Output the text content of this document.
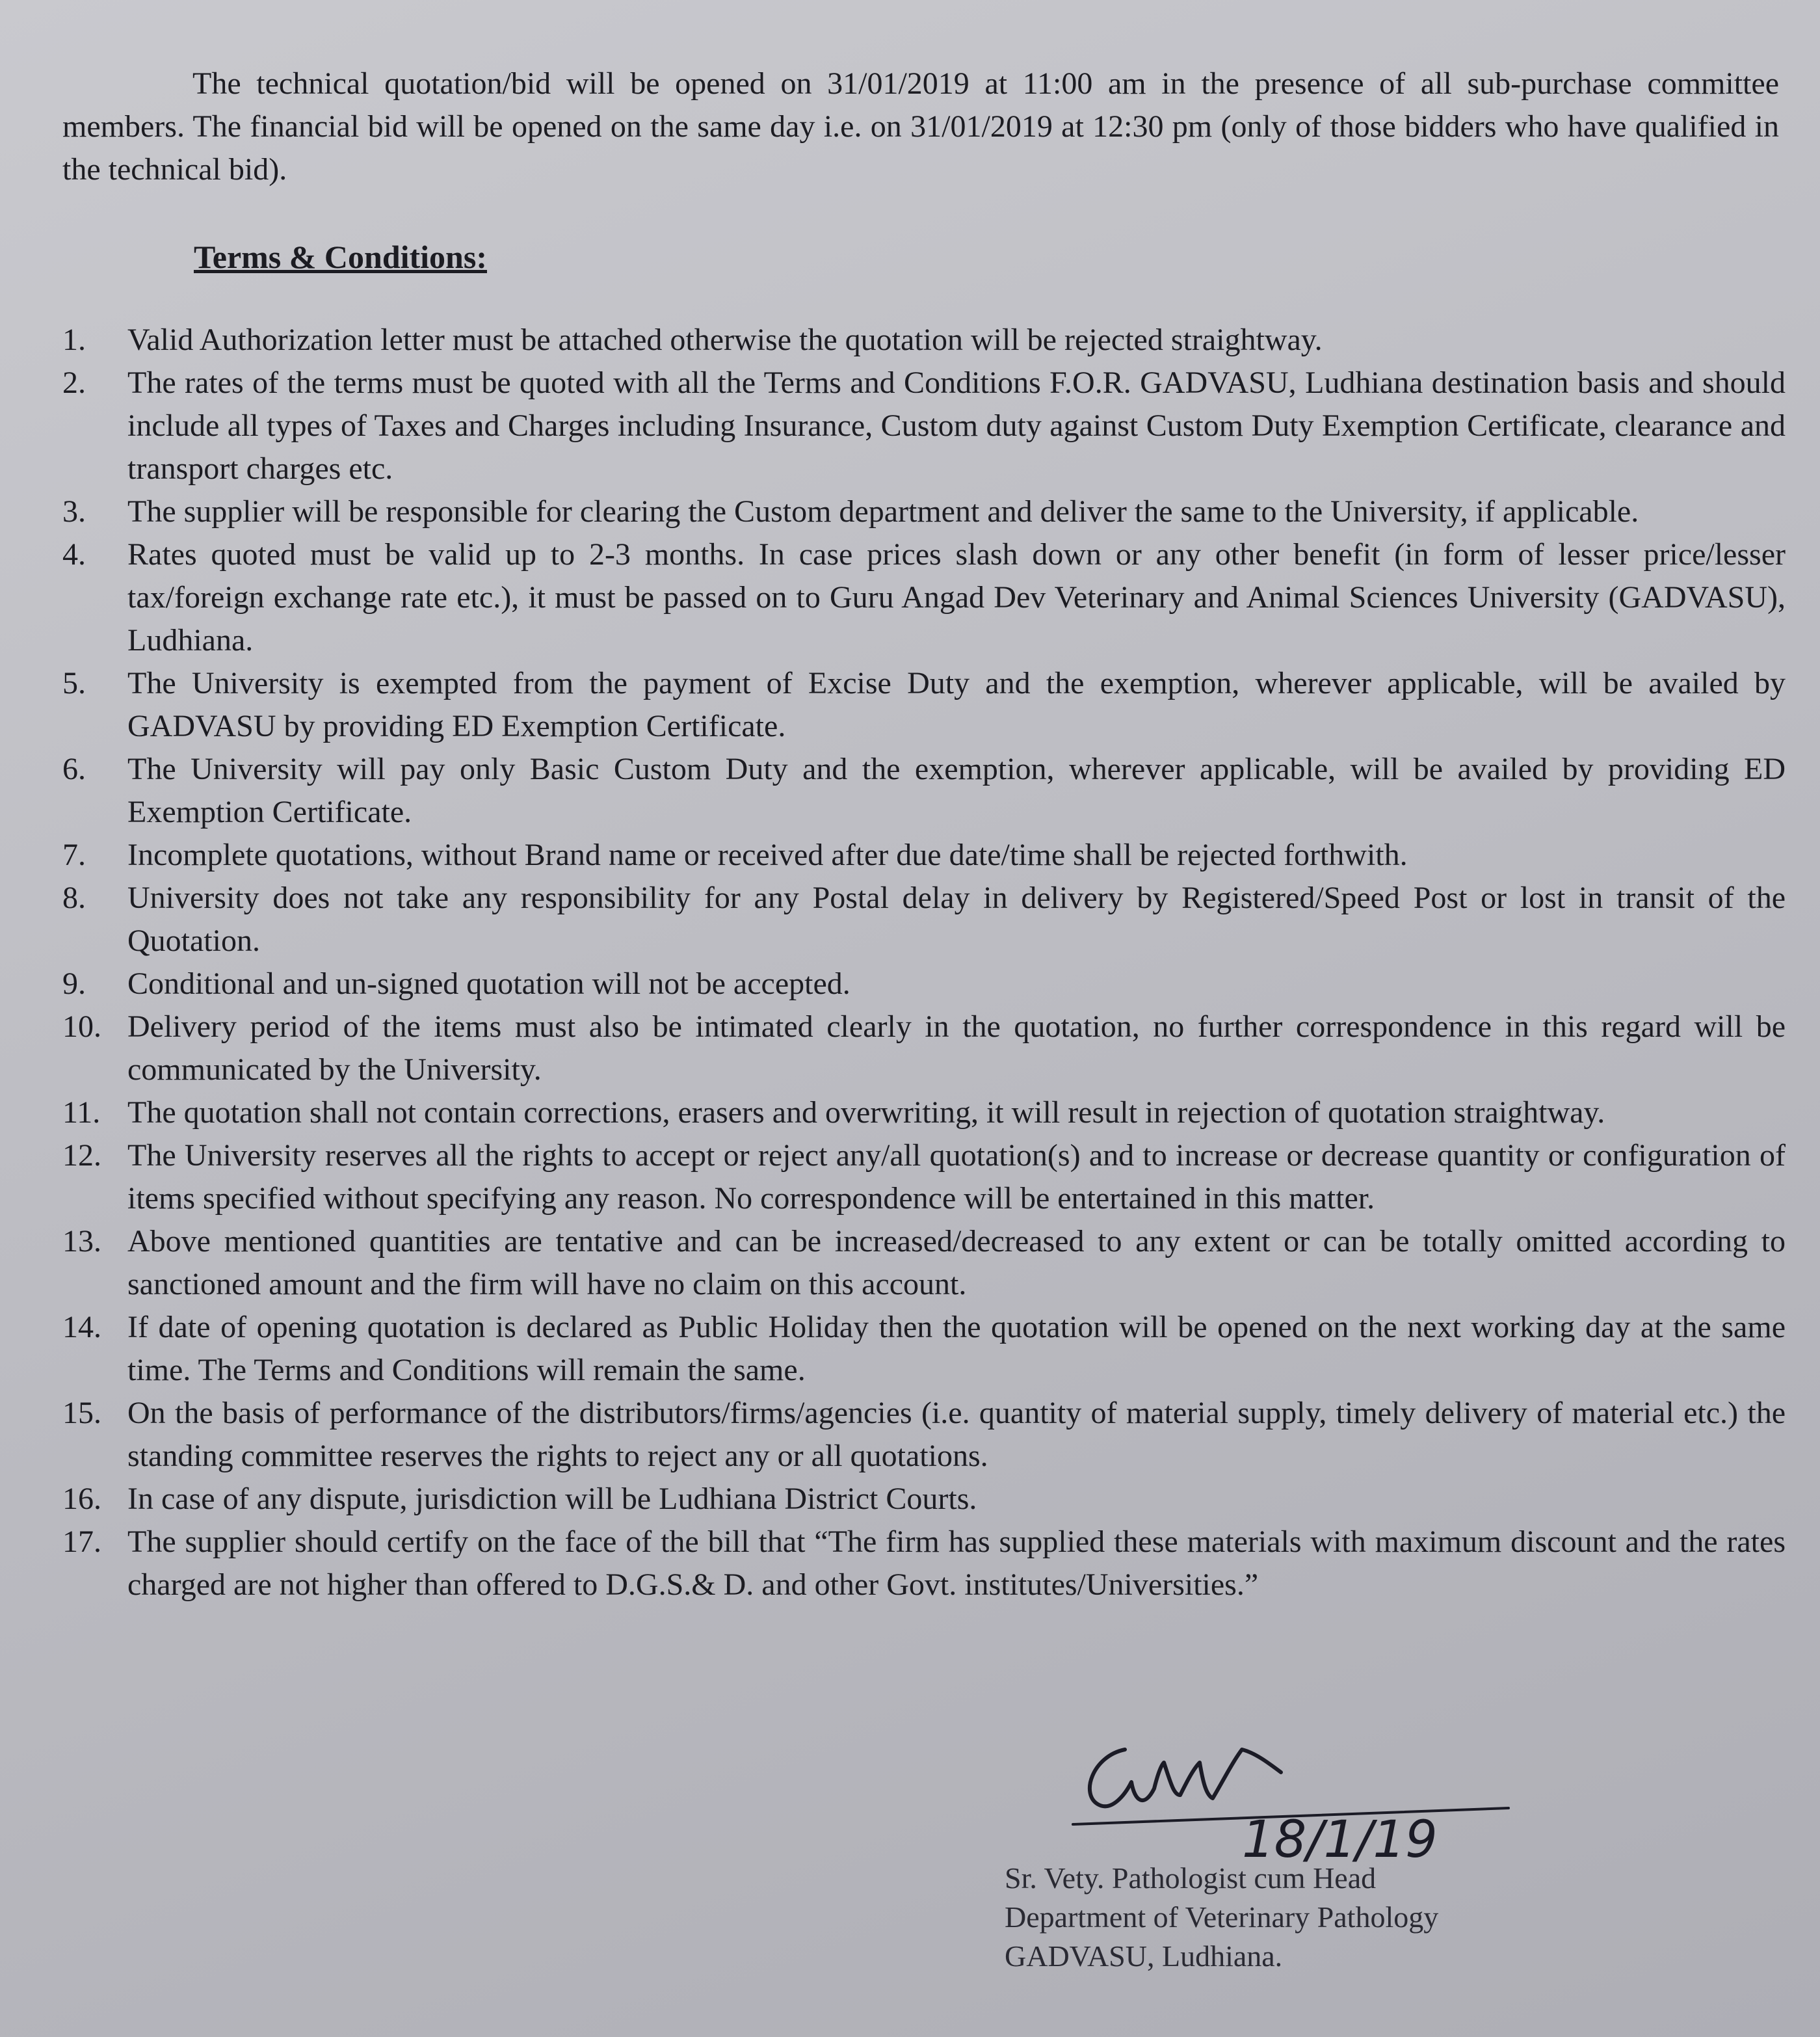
The technical quotation/bid will be opened on 31/01/2019 at 11:00 am in the presence of all sub-purchase committee members. The financial bid will be opened on the same day i.e. on 31/01/2019 at 12:30 pm (only of those bidders who have qualified in the technical bid).

Terms & Conditions:
1.	Valid Authorization letter must be attached otherwise the quotation will be rejected straightway.
2.	The rates of the terms must be quoted with all the Terms and Conditions F.O.R. GADVASU, Ludhiana destination basis and should include all types of Taxes and Charges including Insurance, Custom duty against Custom Duty Exemption Certificate, clearance and transport charges etc.
3.	The supplier will be responsible for clearing the Custom department and deliver the same to the University, if applicable.
4.	Rates quoted must be valid up to 2-3 months. In case prices slash down or any other benefit (in form of lesser price/lesser tax/foreign exchange rate etc.), it must be passed on to Guru Angad Dev Veterinary and Animal Sciences University (GADVASU), Ludhiana.
5.	The University is exempted from the payment of Excise Duty and the exemption, wherever applicable, will be availed by GADVASU by providing ED Exemption Certificate.
6.	The University will pay only Basic Custom Duty and the exemption, wherever applicable, will be availed by providing ED Exemption Certificate.
7.	Incomplete quotations, without Brand name or received after due date/time shall be rejected forthwith.
8.	University does not take any responsibility for any Postal delay in delivery by Registered/Speed Post or lost in transit of the Quotation.
9.	Conditional and un-signed quotation will not be accepted.
10. Delivery period of the items must also be intimated clearly in the quotation, no further correspondence in this regard will be communicated by the University.
11. The quotation shall not contain corrections, erasers and overwriting, it will result in rejection of quotation straightway.
12. The University reserves all the rights to accept or reject any/all quotation(s) and to increase or decrease quantity or configuration of items specified without specifying any reason. No correspondence will be entertained in this matter.
13. Above mentioned quantities are tentative and can be increased/decreased to any extent or can be totally omitted according to sanctioned amount and the firm will have no claim on this account.
14. If date of opening quotation is declared as Public Holiday then the quotation will be opened on the next working day at the same time. The Terms and Conditions will remain the same.
15. On the basis of performance of the distributors/firms/agencies (i.e. quantity of material supply, timely delivery of material etc.) the standing committee reserves the rights to reject any or all quotations.
16. In case of any dispute, jurisdiction will be Ludhiana District Courts.
17. The supplier should certify on the face of the bill that “The firm has supplied these materials with maximum discount and the rates charged are not higher than offered to D.G.S.& D. and other Govt. institutes/Universities.”
18/1/19
Sr. Vety. Pathologist cum Head
Department of Veterinary Pathology
GADVASU, Ludhiana.
